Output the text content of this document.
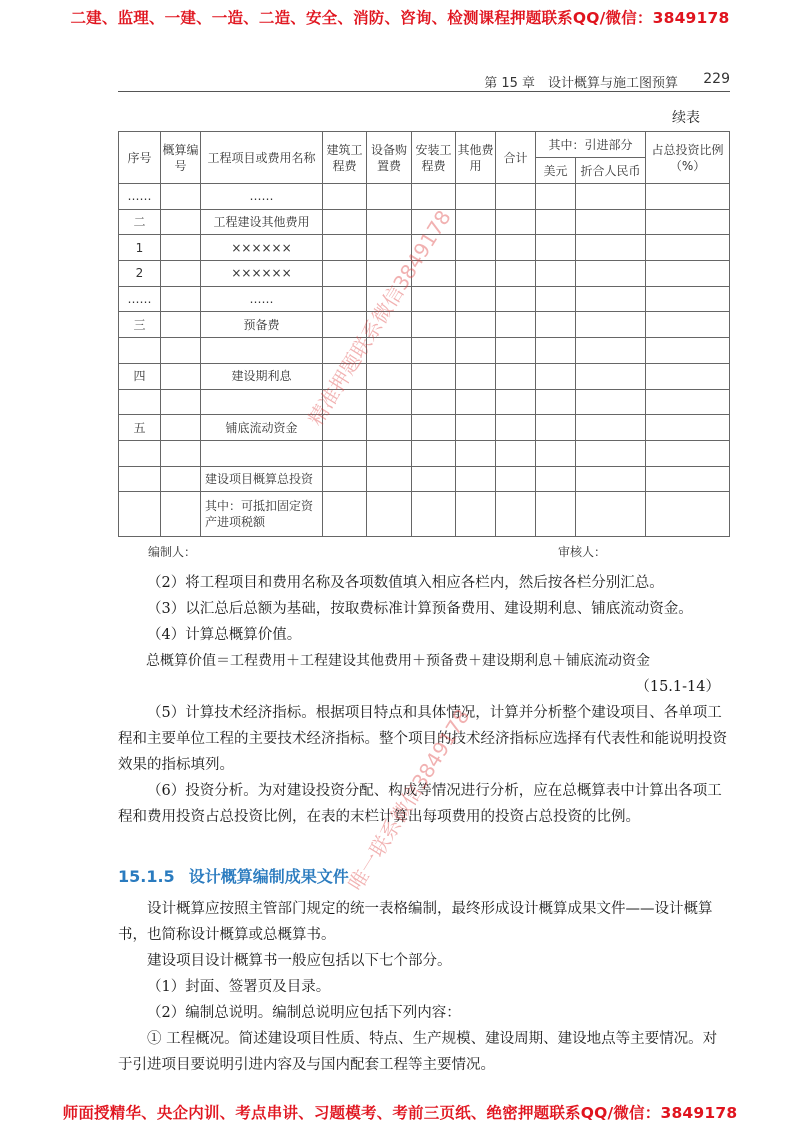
二建、监理、一建、一造、二造、安全、消防、咨询、检测课程押题联系QQ/微信：3849178
第 15 章　设计概算与施工图预算 229
续表
序号	概算编号	工程项目或费用名称	建筑工程费	设备购置费	安装工程费	其他费用	合计	其中：引进部分		占总投资比例（%）
								美元	折合人民币	
……		……								
二		工程建设其他费用								
1		××××××								
2		××××××								
……		……								
三		预备费								

四		建设期利息								

五		铺底流动资金								

		建设项目概算总投资								
		其中：可抵扣固定资产进项税额								
编制人：	审核人：

（2）将工程项目和费用名称及各项数值填入相应各栏内，然后按各栏分别汇总。

（3）以汇总后总额为基础，按取费标准计算预备费用、建设期利息、铺底流动资金。

（4）计算总概算价值。

总概算价值＝工程费用＋工程建设其他费用＋预备费＋建设期利息＋铺底流动资金

（15.1-14）

（5）计算技术经济指标。根据项目特点和具体情况，计算并分析整个建设项目、各单项工程和主要单位工程的主要技术经济指标。整个项目的技术经济指标应选择有代表性和能说明投资效果的指标填列。

（6）投资分析。为对建设投资分配、构成等情况进行分析，应在总概算表中计算出各项工程和费用投资占总投资比例，在表的末栏计算出每项费用的投资占总投资的比例。

15.1.5 设计概算编制成果文件

设计概算应按照主管部门规定的统一表格编制，最终形成设计概算成果文件——设计概算书，也简称设计概算或总概算书。

建设项目设计概算书一般应包括以下七个部分。

（1）封面、签署页及目录。

（2）编制总说明。编制总说明应包括下列内容：

① 工程概况。简述建设项目性质、特点、生产规模、建设周期、建设地点等主要情况。对于引进项目要说明引进内容及与国内配套工程等主要情况。

精准押题联系微信3849178
唯一联系微信3849178
师面授精华、央企内训、考点串讲、习题模考、考前三页纸、绝密押题联系QQ/微信：3849178
